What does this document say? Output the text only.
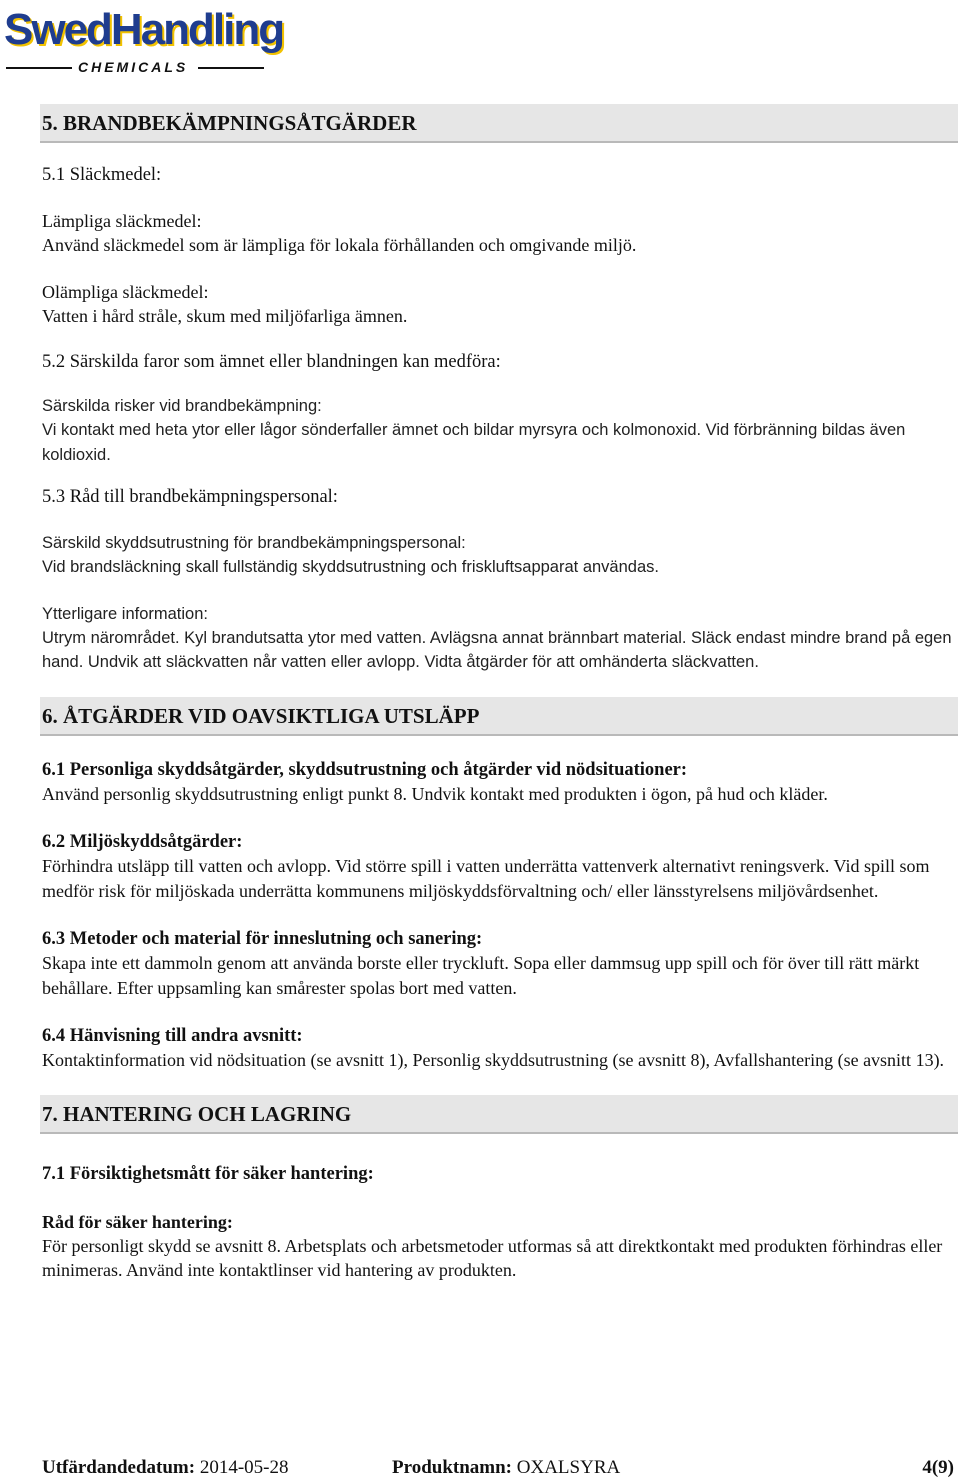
SwedHandling
CHEMICALS
5. BRANDBEKÄMPNINGSÅTGÄRDER
5.1 Släckmedel:
Lämpliga släckmedel:
Använd släckmedel som är lämpliga för lokala förhållanden och omgivande miljö.
Olämpliga släckmedel:
Vatten i hård stråle, skum med miljöfarliga ämnen.
5.2 Särskilda faror som ämnet eller blandningen kan medföra:
Särskilda risker vid brandbekämpning:
Vi kontakt med heta ytor eller lågor sönderfaller ämnet och bildar myrsyra och kolmonoxid. Vid förbränning bildas även koldioxid.
5.3 Råd till brandbekämpningspersonal:
Särskild skyddsutrustning för brandbekämpningspersonal:
Vid brandsläckning skall fullständig skyddsutrustning och friskluftsapparat användas.
Ytterligare information:
Utrym närområdet. Kyl brandutsatta ytor med vatten. Avlägsna annat brännbart material. Släck endast mindre brand på egen hand. Undvik att släckvatten når vatten eller avlopp. Vidta åtgärder för att omhänderta släckvatten.
6. ÅTGÄRDER VID OAVSIKTLIGA UTSLÄPP
6.1 Personliga skyddsåtgärder, skyddsutrustning och åtgärder vid nödsituationer:
Använd personlig skyddsutrustning enligt punkt 8. Undvik kontakt med produkten i ögon, på hud och kläder.
6.2 Miljöskyddsåtgärder:
Förhindra utsläpp till vatten och avlopp. Vid större spill i vatten underrätta vattenverk alternativt reningsverk. Vid spill som medför risk för miljöskada underrätta kommunens miljöskyddsförvaltning och/ eller länsstyrelsens miljövårdsenhet.
6.3 Metoder och material för inneslutning och sanering:
Skapa inte ett dammoln genom att använda borste eller tryckluft. Sopa eller dammsug upp spill och för över till rätt märkt behållare. Efter uppsamling kan smårester spolas bort med vatten.
6.4 Hänvisning till andra avsnitt:
Kontaktinformation vid nödsituation (se avsnitt 1), Personlig skyddsutrustning (se avsnitt 8), Avfallshantering (se avsnitt 13).
7. HANTERING OCH LAGRING
7.1 Försiktighetsmått för säker hantering:
Råd för säker hantering:
För personligt skydd se avsnitt 8. Arbetsplats och arbetsmetoder utformas så att direktkontakt med produkten förhindras eller minimeras. Använd inte kontaktlinser vid hantering av produkten.
Utfärdandedatum: 2014-05-28	Produktnamn: OXALSYRA	4(9)
